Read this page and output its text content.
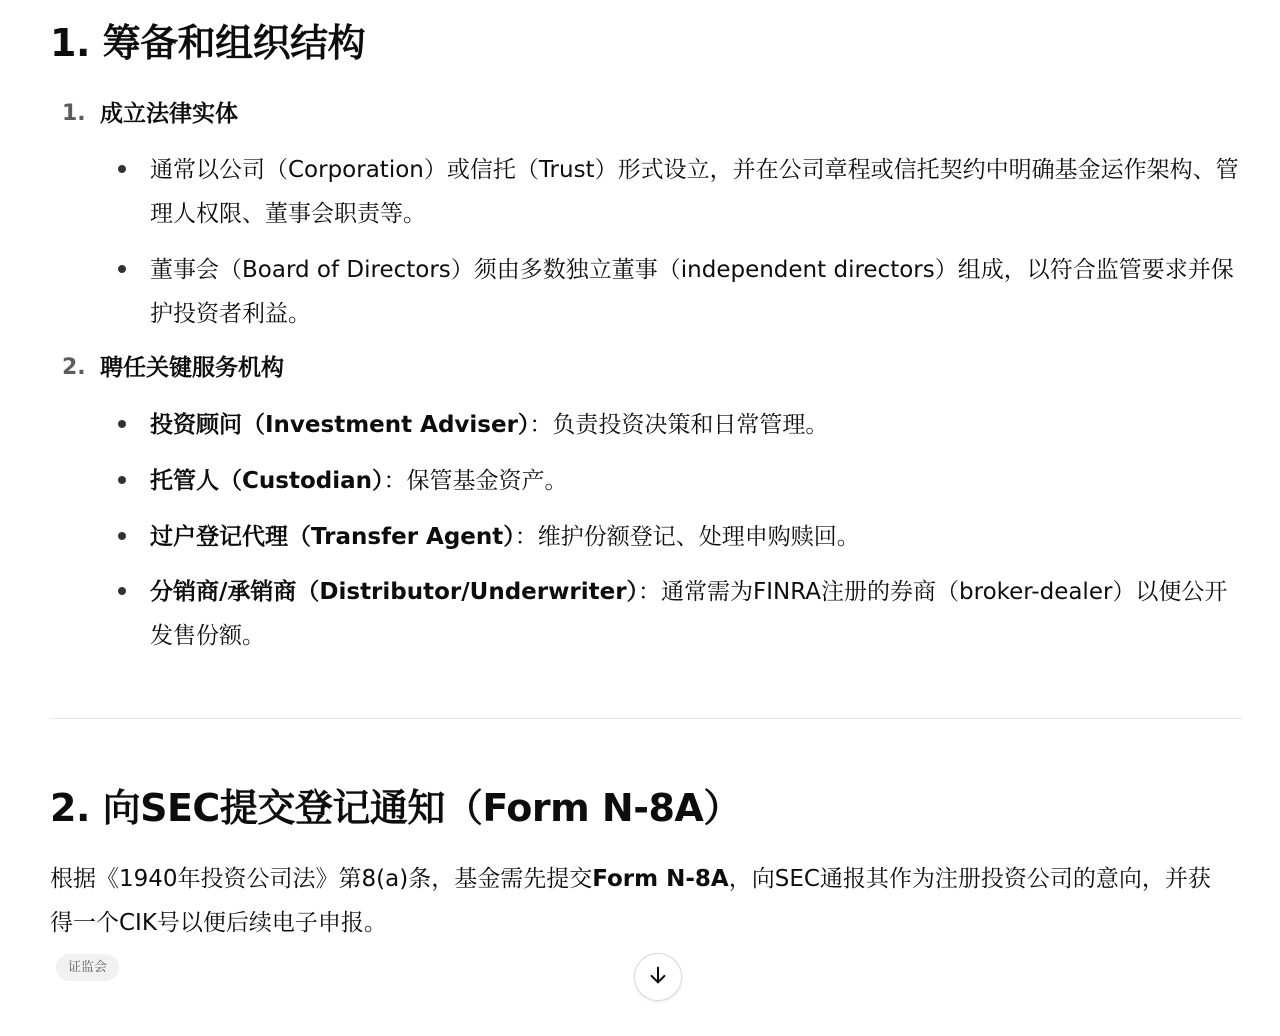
1. 筹备和组织结构
1. 成立法律实体
通常以公司（Corporation）或信托（Trust）形式设立，并在公司章程或信托契约中明确基金运作架构、管理人权限、董事会职责等。
董事会（Board of Directors）须由多数独立董事（independent directors）组成，以符合监管要求并保护投资者利益。
2. 聘任关键服务机构
投资顾问（Investment Adviser）：负责投资决策和日常管理。
托管人（Custodian）：保管基金资产。
过户登记代理（Transfer Agent）：维护份额登记、处理申购赎回。
分销商/承销商（Distributor/Underwriter）：通常需为FINRA注册的券商（broker-dealer）以便公开发售份额。
2. 向SEC提交登记通知（Form N-8A）
根据《1940年投资公司法》第8(a)条，基金需先提交Form N-8A，向SEC通报其作为注册投资公司的意向，并获得一个CIK号以便后续电子申报。
证监会
